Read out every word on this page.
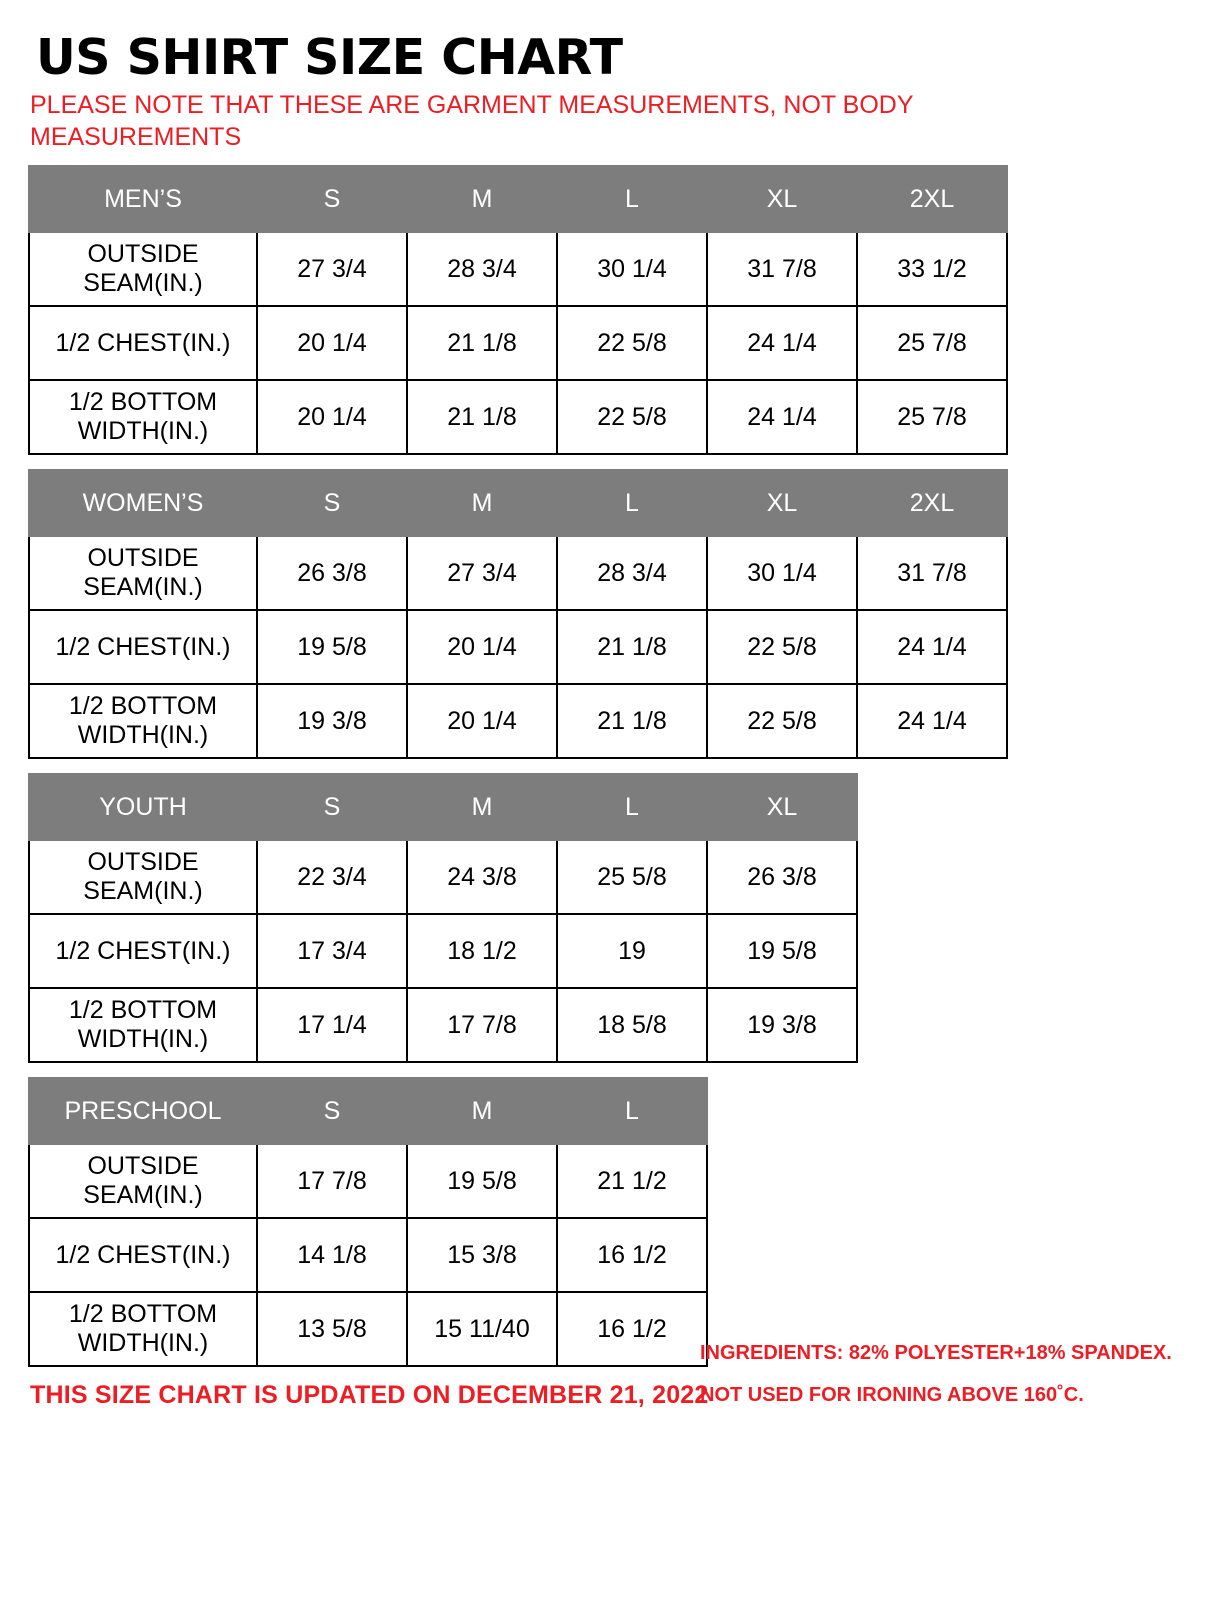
US SHIRT SIZE CHART
PLEASE NOTE THAT THESE ARE GARMENT MEASUREMENTS, NOT BODY MEASUREMENTS
MEN’S	S	M	L	XL	2XL
OUTSIDE SEAM(IN.)	27 3/4	28 3/4	30 1/4	31 7/8	33 1/2
1/2 CHEST(IN.)	20 1/4	21 1/8	22 5/8	24 1/4	25 7/8
1/2 BOTTOM WIDTH(IN.)	20 1/4	21 1/8	22 5/8	24 1/4	25 7/8
WOMEN’S	S	M	L	XL	2XL
OUTSIDE SEAM(IN.)	26 3/8	27 3/4	28 3/4	30 1/4	31 7/8
1/2 CHEST(IN.)	19 5/8	20 1/4	21 1/8	22 5/8	24 1/4
1/2 BOTTOM WIDTH(IN.)	19 3/8	20 1/4	21 1/8	22 5/8	24 1/4
YOUTH	S	M	L	XL
OUTSIDE SEAM(IN.)	22 3/4	24 3/8	25 5/8	26 3/8
1/2 CHEST(IN.)	17 3/4	18 1/2	19	19 5/8
1/2 BOTTOM WIDTH(IN.)	17 1/4	17 7/8	18 5/8	19 3/8
PRESCHOOL	S	M	L
OUTSIDE SEAM(IN.)	17 7/8	19 5/8	21 1/2
1/2 CHEST(IN.)	14 1/8	15 3/8	16 1/2
1/2 BOTTOM WIDTH(IN.)	13 5/8	15 11/40	16 1/2
THIS SIZE CHART IS UPDATED ON DECEMBER 21, 2022
INGREDIENTS: 82% POLYESTER+18% SPANDEX.
NOT USED FOR IRONING ABOVE 160˚C.
